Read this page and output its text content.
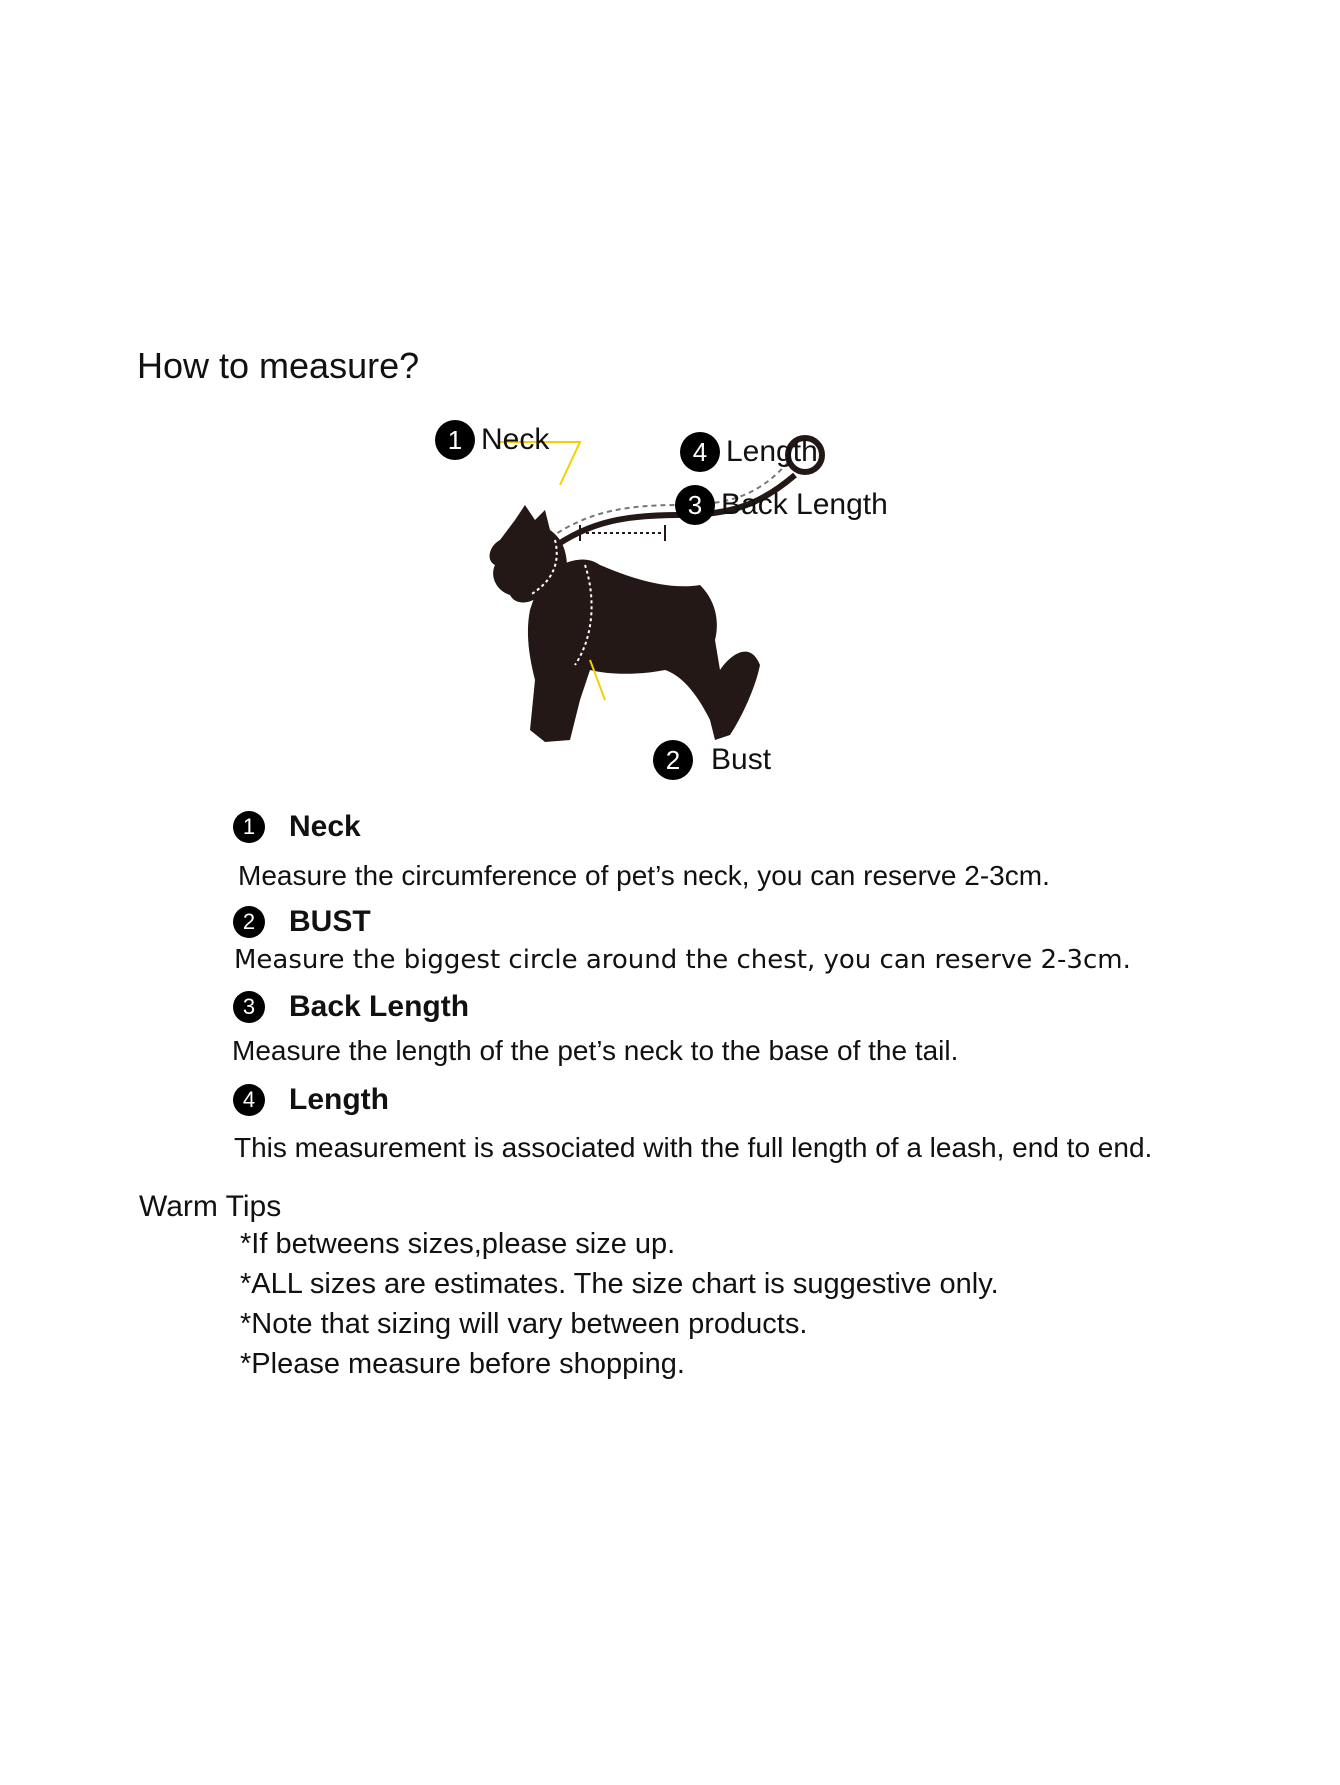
How to measure?
1 Neck	4 Length
3 Back Length
2	Bust
1	Neck
Measure the circumference of pet’s neck, you can reserve 2-3cm.
2	BUST
Measure the biggest circle around the chest, you can reserve 2-3cm.
3	Back Length
Measure the length of the pet’s neck to the base of the tail.
4	Length
This measurement is associated with the full length of a leash, end to end.
Warm Tips
*If betweens sizes,please size up.
*ALL sizes are estimates. The size chart is suggestive only.
*Note that sizing will vary between products.
*Please measure before shopping.
